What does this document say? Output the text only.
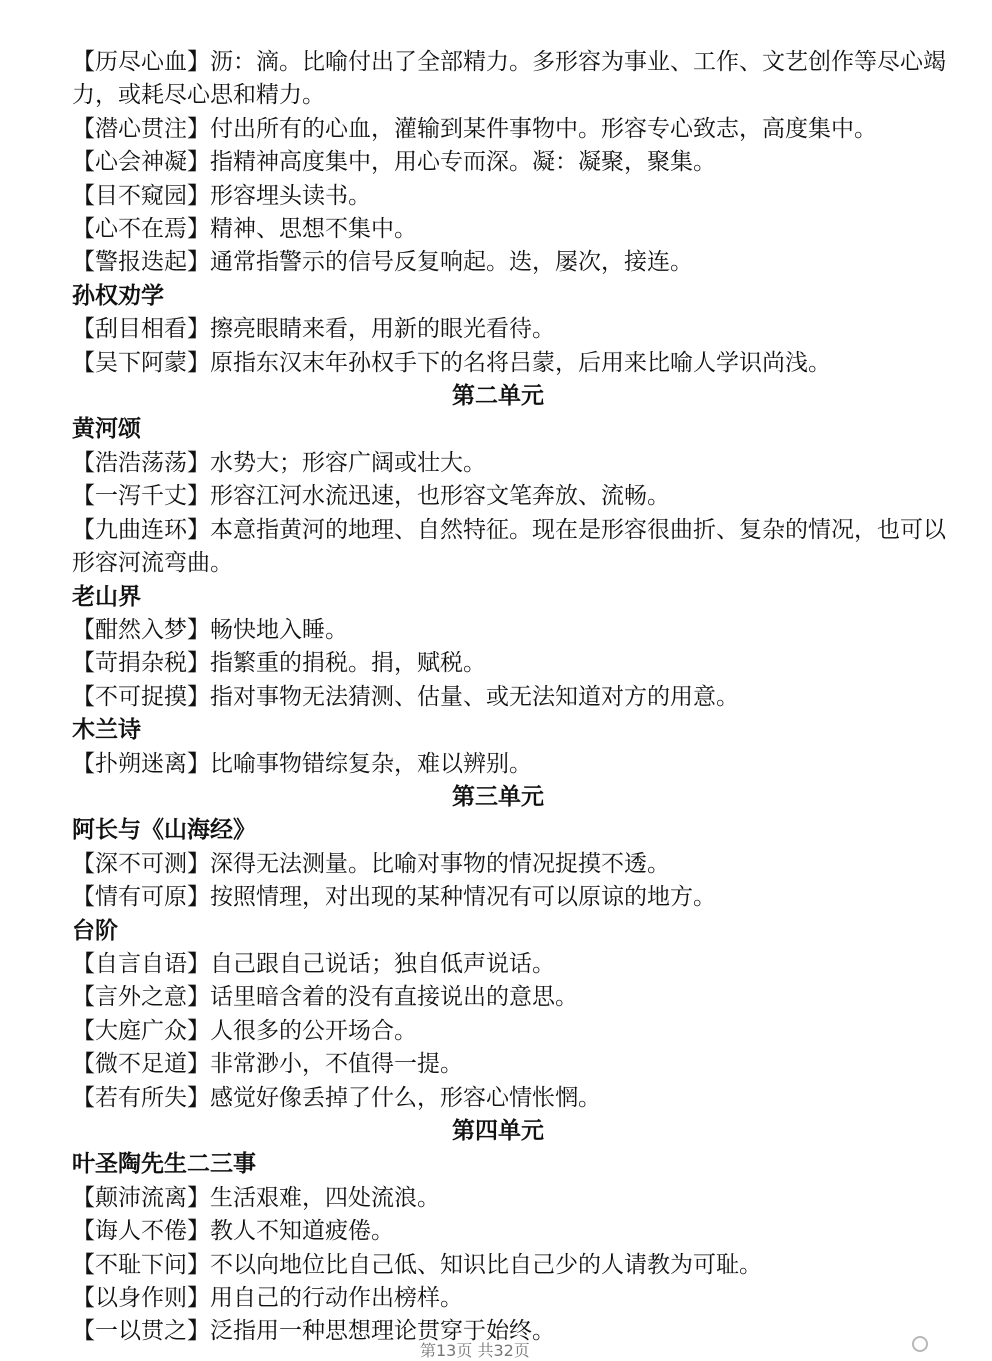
【历尽心血】沥：滴。比喻付出了全部精力。多形容为事业、工作、文艺创作等尽心竭力，或耗尽心思和精力。
【潜心贯注】付出所有的心血，灌输到某件事物中。形容专心致志，高度集中。
【心会神凝】指精神高度集中，用心专而深。凝：凝聚，聚集。
【目不窥园】形容埋头读书。
【心不在焉】精神、思想不集中。
【警报迭起】通常指警示的信号反复响起。迭，屡次，接连。
孙权劝学
【刮目相看】擦亮眼睛来看，用新的眼光看待。
【吴下阿蒙】原指东汉末年孙权手下的名将吕蒙，后用来比喻人学识尚浅。
第二单元
黄河颂
【浩浩荡荡】水势大；形容广阔或壮大。
【一泻千丈】形容江河水流迅速，也形容文笔奔放、流畅。
【九曲连环】本意指黄河的地理、自然特征。现在是形容很曲折、复杂的情况，也可以形容河流弯曲。
老山界
【酣然入梦】畅快地入睡。
【苛捐杂税】指繁重的捐税。捐，赋税。
【不可捉摸】指对事物无法猜测、估量、或无法知道对方的用意。
木兰诗
【扑朔迷离】比喻事物错综复杂，难以辨别。
第三单元
阿长与《山海经》
【深不可测】深得无法测量。比喻对事物的情况捉摸不透。
【情有可原】按照情理，对出现的某种情况有可以原谅的地方。
台阶
【自言自语】自己跟自己说话；独自低声说话。
【言外之意】话里暗含着的没有直接说出的意思。
【大庭广众】人很多的公开场合。
【微不足道】非常渺小，不值得一提。
【若有所失】感觉好像丢掉了什么，形容心情怅惘。
第四单元
叶圣陶先生二三事
【颠沛流离】生活艰难，四处流浪。
【诲人不倦】教人不知道疲倦。
【不耻下问】不以向地位比自己低、知识比自己少的人请教为可耻。
【以身作则】用自己的行动作出榜样。
【一以贯之】泛指用一种思想理论贯穿于始终。
第13页 共32页
